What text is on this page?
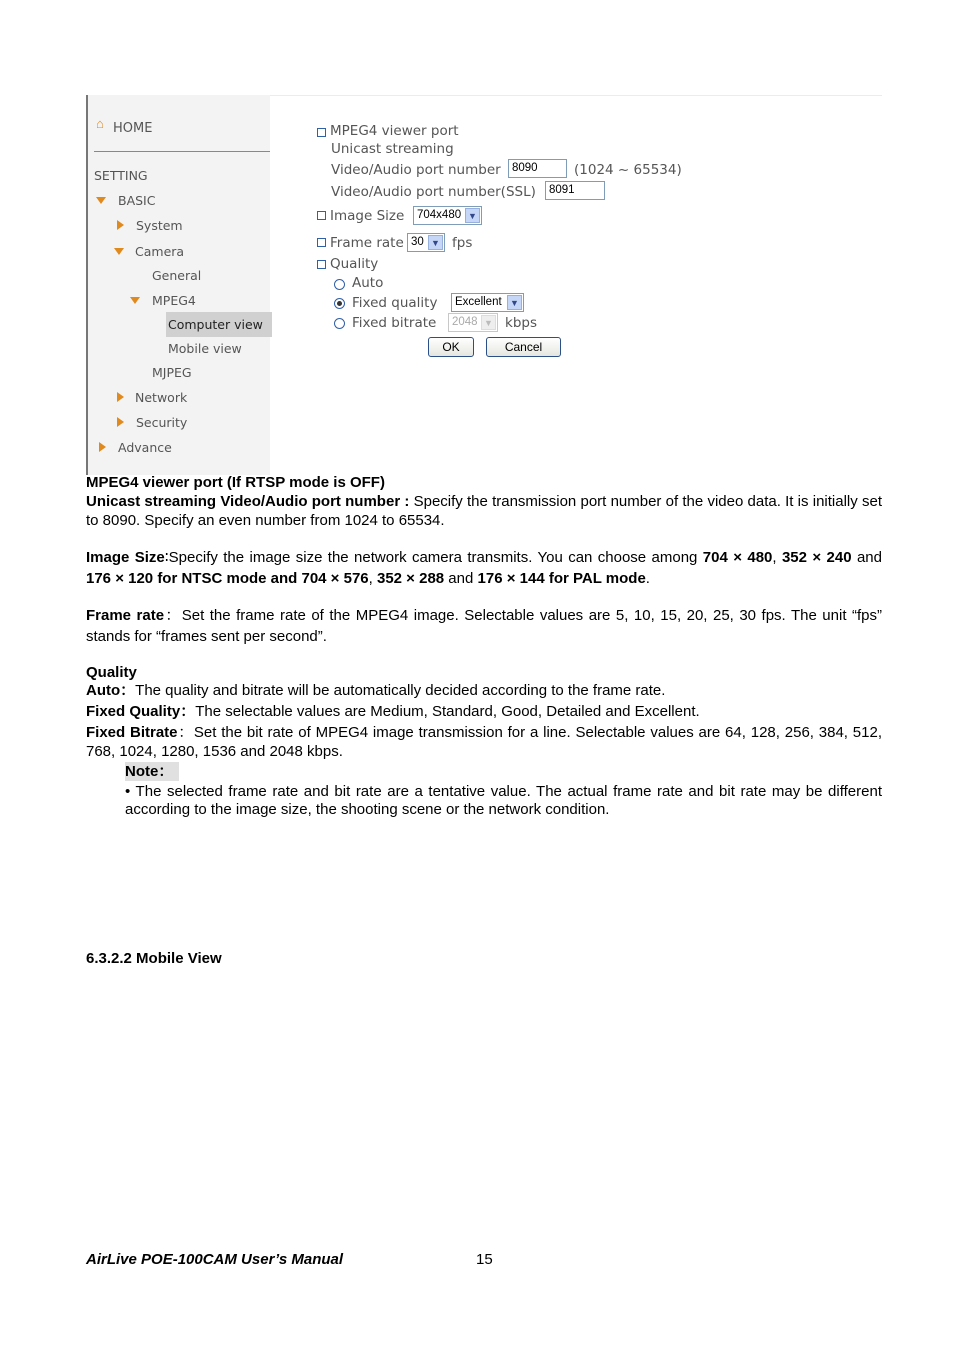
⌂ HOME
SETTING
BASIC
System
Camera
General
MPEG4
Computer view
Mobile view
MJPEG
Network
Security
Advance
MPEG4 viewer port
Unicast streaming
Video/Audio port number 8090	(1024 ~ 65534)
Video/Audio port number(SSL)	8091
Image Size 704x480 ▼
Frame rate 30 ▼ fps
Quality
Auto
Fixed quality Excellent ▼
Fixed bitrate 2048 ▼ kbps
OK	Cancel
MPEG4 viewer port (If RTSP mode is OFF)
Unicast streaming Video/Audio port number : Specify the transmission port number of the video data. It is initially set to 8090. Specify an even number from 1024 to 65534.
Image Size∶Specify the image size the network camera transmits. You can choose among 704 × 480, 352 × 240 and 176 × 120 for NTSC mode and 704 × 576, 352 × 288 and 176 × 144 for PAL mode.
Frame rate：Set the frame rate of the MPEG4 image. Selectable values are 5, 10, 15, 20, 25, 30 fps. The unit “fps” stands for “frames sent per second”.
Quality
Auto：The quality and bitrate will be automatically decided according to the frame rate.
Fixed Quality：The selectable values are Medium, Standard, Good, Detailed and Excellent.
Fixed Bitrate：Set the bit rate of MPEG4 image transmission for a line. Selectable values are 64, 128, 256, 384, 512, 768, 1024, 1280, 1536 and 2048 kbps.
Note：
• The selected frame rate and bit rate are a tentative value. The actual frame rate and bit rate may be different according to the image size, the shooting scene or the network condition.
6.3.2.2 Mobile View
AirLive POE-100CAM User’s Manual	15
